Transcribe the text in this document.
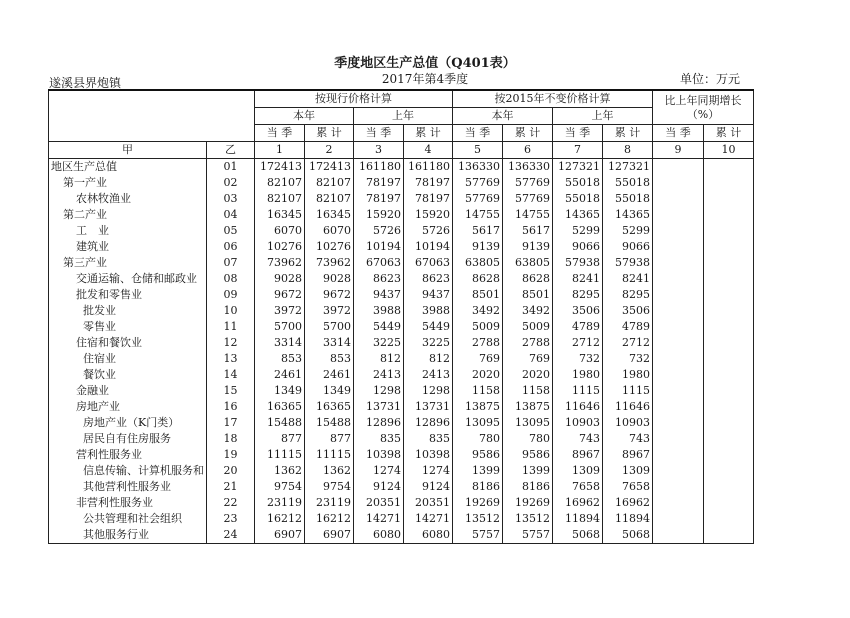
季度地区生产总值（Q401表）
2017年第4季度
遂溪县界炮镇	单位：万元
		按现行价格计算				按2015年不变价格计算				比上年同期增长（%）	
		本年		上年		本年		上年			
		当 季	累 计	当 季	累 计	当 季	累 计	当 季	累 计	当 季	累 计
甲	乙	1	2	3	4	5	6	7	8	9	10
地区生产总值	01	172413	172413	161180	161180	136330	136330	127321	127321		
第一产业	02	82107	82107	78197	78197	57769	57769	55018	55018		
农林牧渔业	03	82107	82107	78197	78197	57769	57769	55018	55018		
第二产业	04	16345	16345	15920	15920	14755	14755	14365	14365		
工　业	05	6070	6070	5726	5726	5617	5617	5299	5299		
建筑业	06	10276	10276	10194	10194	9139	9139	9066	9066		
第三产业	07	73962	73962	67063	67063	63805	63805	57938	57938		
交通运输、仓储和邮政业	08	9028	9028	8623	8623	8628	8628	8241	8241		
批发和零售业	09	9672	9672	9437	9437	8501	8501	8295	8295		
批发业	10	3972	3972	3988	3988	3492	3492	3506	3506		
零售业	11	5700	5700	5449	5449	5009	5009	4789	4789		
住宿和餐饮业	12	3314	3314	3225	3225	2788	2788	2712	2712		
住宿业	13	853	853	812	812	769	769	732	732		
餐饮业	14	2461	2461	2413	2413	2020	2020	1980	1980		
金融业	15	1349	1349	1298	1298	1158	1158	1115	1115		
房地产业	16	16365	16365	13731	13731	13875	13875	11646	11646		
房地产业（K门类）	17	15488	15488	12896	12896	13095	13095	10903	10903		
居民自有住房服务	18	877	877	835	835	780	780	743	743		
营利性服务业	19	11115	11115	10398	10398	9586	9586	8967	8967		
信息传输、计算机服务和	20	1362	1362	1274	1274	1399	1399	1309	1309		
其他营利性服务业	21	9754	9754	9124	9124	8186	8186	7658	7658		
非营利性服务业	22	23119	23119	20351	20351	19269	19269	16962	16962		
公共管理和社会组织	23	16212	16212	14271	14271	13512	13512	11894	11894		
其他服务行业	24	6907	6907	6080	6080	5757	5757	5068	5068		
